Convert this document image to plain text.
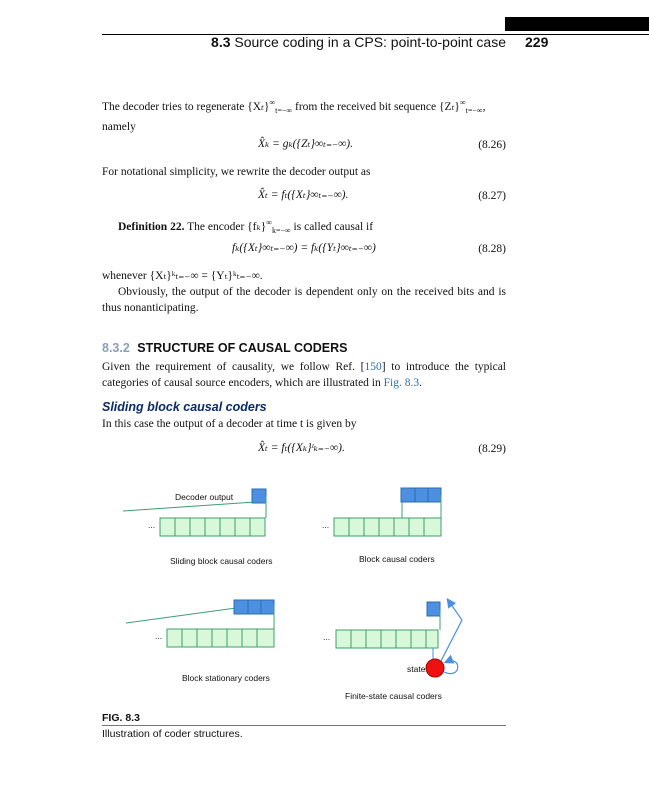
8.3 Source coding in a CPS: point-to-point case 229
The decoder tries to regenerate $\{X_t\}^\infty_{t=-\infty}$ from the received bit sequence $\{Z_t\}^\infty_{t=-\infty}$,
namely
X̂ₖ = gₖ({Zₜ}∞ₜ₌₋∞).	(8.26)
For notational simplicity, we rewrite the decoder output as
X̂ₜ = fₜ({Xₜ}∞ₜ₌₋∞).	(8.27)
Definition 22. The encoder $\{f_k\}^\infty_{k=-\infty}$ is called causal if
fₖ({Xₜ}∞ₜ₌₋∞) = fₖ({Yₜ}∞ₜ₌₋∞)	(8.28)
whenever {Xₜ}ᵏₜ₌₋∞ = {Yₜ}ᵏₜ₌₋∞.
Obviously, the output of the decoder is dependent only on the received bits and is thus nonanticipating.
8.3.2 STRUCTURE OF CAUSAL CODERS
Given the requirement of causality, we follow Ref. [150] to introduce the typical categories of causal source encoders, which are illustrated in Fig. 8.3.
Sliding block causal coders
In this case the output of a decoder at time t is given by
X̂ₜ = fₜ({Xₖ}ᵗₖ₌₋∞).	(8.29)
Decoder output
...	...
...	...
Sliding block causal coders	Block causal coders
Block stationary coders
state
Finite-state causal coders
FIG. 8.3
Illustration of coder structures.
